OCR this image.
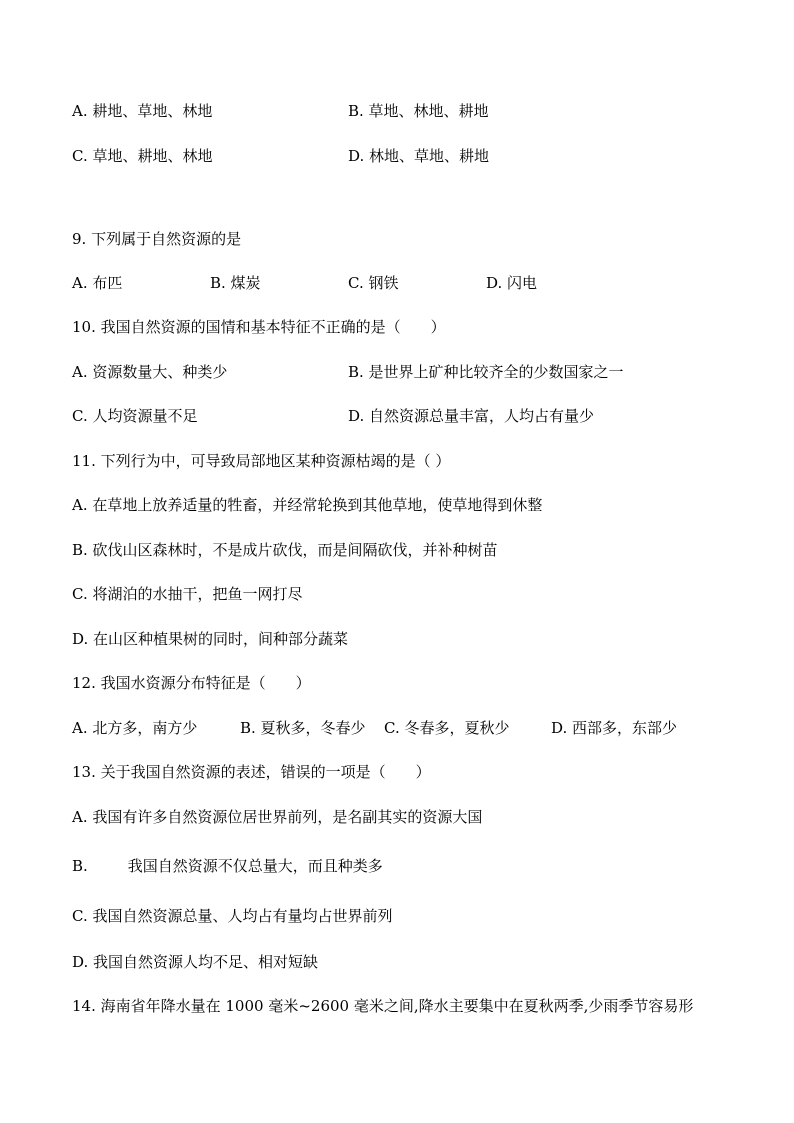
A. 耕地、草地、林地	B. 草地、林地、耕地
C. 草地、耕地、林地	D. 林地、草地、耕地
9. 下列属于自然资源的是
A. 布匹	B. 煤炭	C. 钢铁	D. 闪电
10. 我国自然资源的国情和基本特征不正确的是（　　）
A. 资源数量大、种类少	B. 是世界上矿种比较齐全的少数国家之一
C. 人均资源量不足	D. 自然资源总量丰富，人均占有量少
11. 下列行为中，可导致局部地区某种资源枯竭的是（ ）
A. 在草地上放养适量的牲畜，并经常轮换到其他草地，使草地得到休整
B. 砍伐山区森林时，不是成片砍伐，而是间隔砍伐，并补种树苗
C. 将湖泊的水抽干，把鱼一网打尽
D. 在山区种植果树的同时，间种部分蔬菜
12. 我国水资源分布特征是（　　）
A. 北方多，南方少	B. 夏秋多，冬春少 C. 冬春多，夏秋少	D. 西部多，东部少
13. 关于我国自然资源的表述，错误的一项是（　　）
A. 我国有许多自然资源位居世界前列，是名副其实的资源大国
B.	我国自然资源不仅总量大，而且种类多
C. 我国自然资源总量、人均占有量均占世界前列
D. 我国自然资源人均不足、相对短缺
14. 海南省年降水量在 1000 毫米~2600 毫米之间,降水主要集中在夏秋两季,少雨季节容易形
